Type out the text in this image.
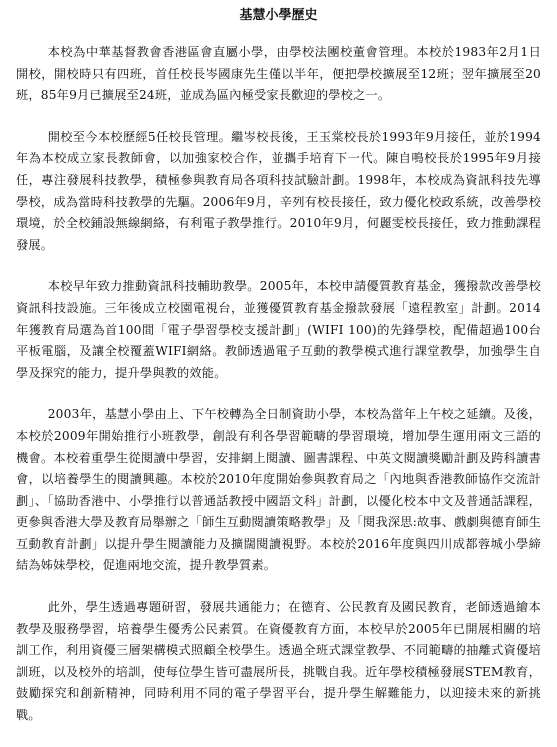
基慧小學歷史

本校為中華基督教會香港區會直屬小學，由學校法團校董會管理。本校於1983年2月1日開校，開校時只有四班，首任校長岑國康先生僅以半年，便把學校擴展至12班；翌年擴展至20班，85年9月已擴展至24班，並成為區內極受家長歡迎的學校之一。

開校至今本校歷經5任校長管理。繼岑校長後，王玉棠校長於1993年9月接任，並於1994年為本校成立家長教師會，以加強家校合作，並攜手培育下一代。陳自鳴校長於1995年9月接任，專注發展科技教學，積極參與教育局各項科技試驗計劃。1998年，本校成為資訊科技先導學校，成為當時科技教學的先驅。2006年9月，辛列有校長接任，致力優化校政系統，改善學校環境，於全校鋪設無線網絡，有利電子教學推行。2010年9月，何麗雯校長接任，致力推動課程發展。

本校早年致力推動資訊科技輔助教學。2005年，本校申請優質教育基金，獲撥款改善學校資訊科技設施。三年後成立校園電視台，並獲優質教育基金撥款發展「遠程教室」計劃。2014年獲教育局選為首100間「電子學習學校支援計劃」(WIFI 100)的先鋒學校，配備超過100台平板電腦，及讓全校覆蓋WIFI網絡。教師透過電子互動的教學模式進行課堂教學，加強學生自學及探究的能力，提升學與教的效能。

2003年，基慧小學由上、下午校轉為全日制資助小學，本校為當年上午校之延續。及後，本校於2009年開始推行小班教學，創設有利各學習範疇的學習環境，增加學生運用兩文三語的機會。本校着重學生從閱讀中學習，安排網上閱讀、圖書課程、中英文閱讀獎勵計劃及跨科讀書會，以培養學生的閱讀興趣。本校於2010年度開始參與教育局之「內地與香港教師協作交流計劃」、「協助香港中、小學推行以普通話教授中國語文科」計劃，以優化校本中文及普通話課程，更參與香港大學及教育局舉辦之「師生互動閱讀策略教學」及「閱我深思:故事、戲劇與德育師生互動教育計劃」以提升學生閱讀能力及擴闊閱讀視野。本校於2016年度與四川成都蓉城小學締結為姊妹學校，促進兩地交流，提升教學質素。

此外，學生透過專題研習，發展共通能力；在德育、公民教育及國民教育，老師透過繪本教學及服務學習，培養學生優秀公民素質。在資優教育方面，本校早於2005年已開展相關的培訓工作，利用資優三層架構模式照顧全校學生。透過全班式課堂教學、不同範疇的抽離式資優培訓班，以及校外的培訓，使每位學生皆可盡展所長，挑戰自我。近年學校積極發展STEM教育，鼓勵探究和創新精神，同時利用不同的電子學習平台，提升學生解難能力，以迎接未來的新挑戰。
